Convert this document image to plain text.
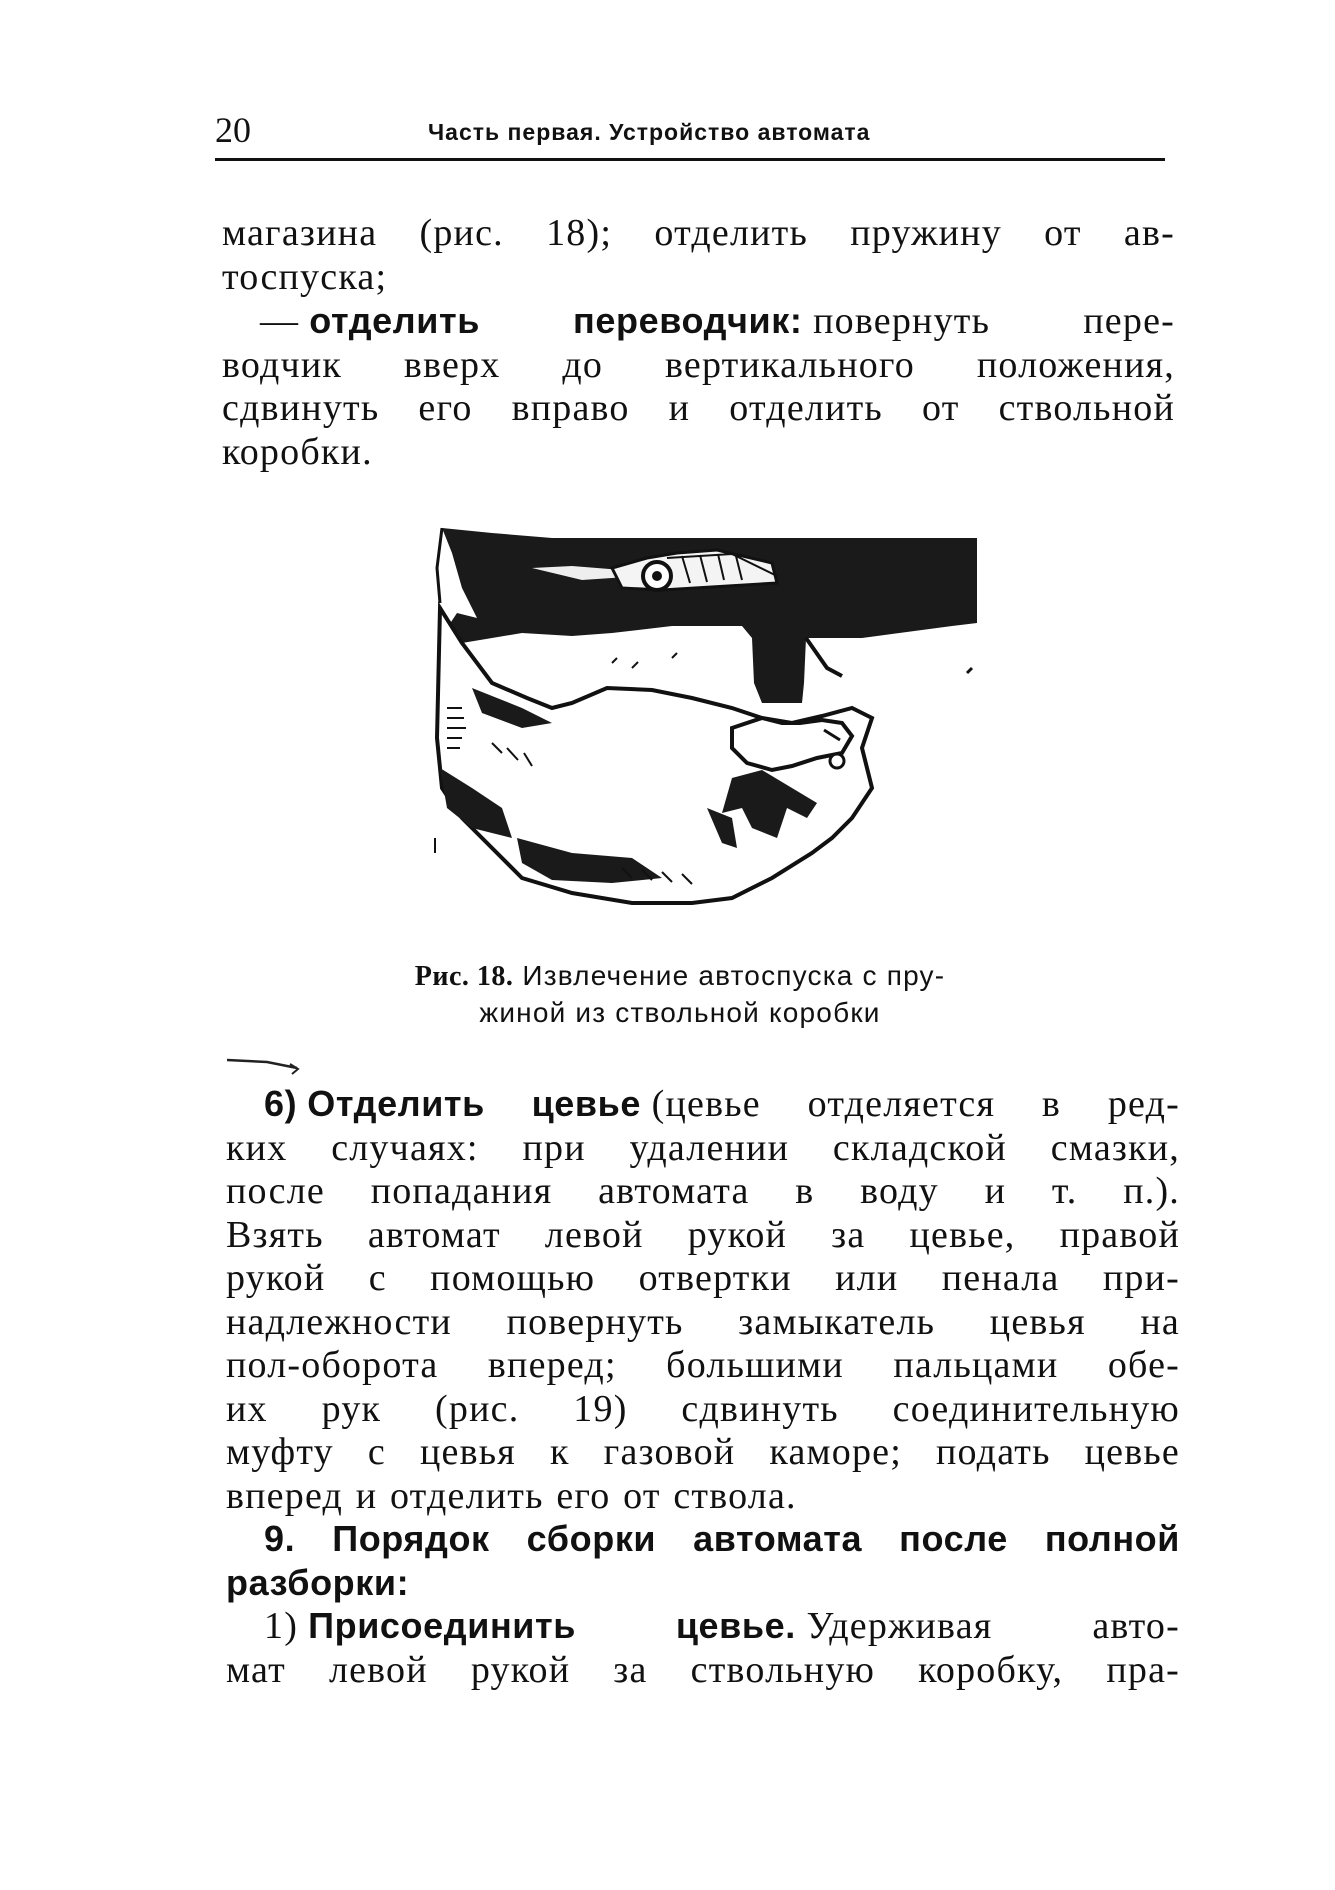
20	Часть первая. Устройство автомата
магазина (рис. 18); отделить пружину от ав-
тоспуска;
— отделить переводчик: повернуть пере-
водчик вверх до вертикального положения,
сдвинуть его вправо и отделить от ствольной
коробки.
Рис. 18. Извлечение автоспуска с пру-
жиной из ствольной коробки
6) Отделить цевье (цевье отделяется в ред-
ких случаях: при удалении складской смазки,
после попадания автомата в воду и т. п.).
Взять автомат левой рукой за цевье, правой
рукой с помощью отвертки или пенала при-
надлежности повернуть замыкатель цевья на
пол-оборота вперед; большими пальцами обе-
их рук (рис. 19) сдвинуть соединительную
муфту с цевья к газовой каморе; подать цевье
вперед и отделить его от ствола.
9. Порядок сборки автомата после полной
разборки:
1) Присоединить цевье. Удерживая авто-
мат левой рукой за ствольную коробку, пра-
